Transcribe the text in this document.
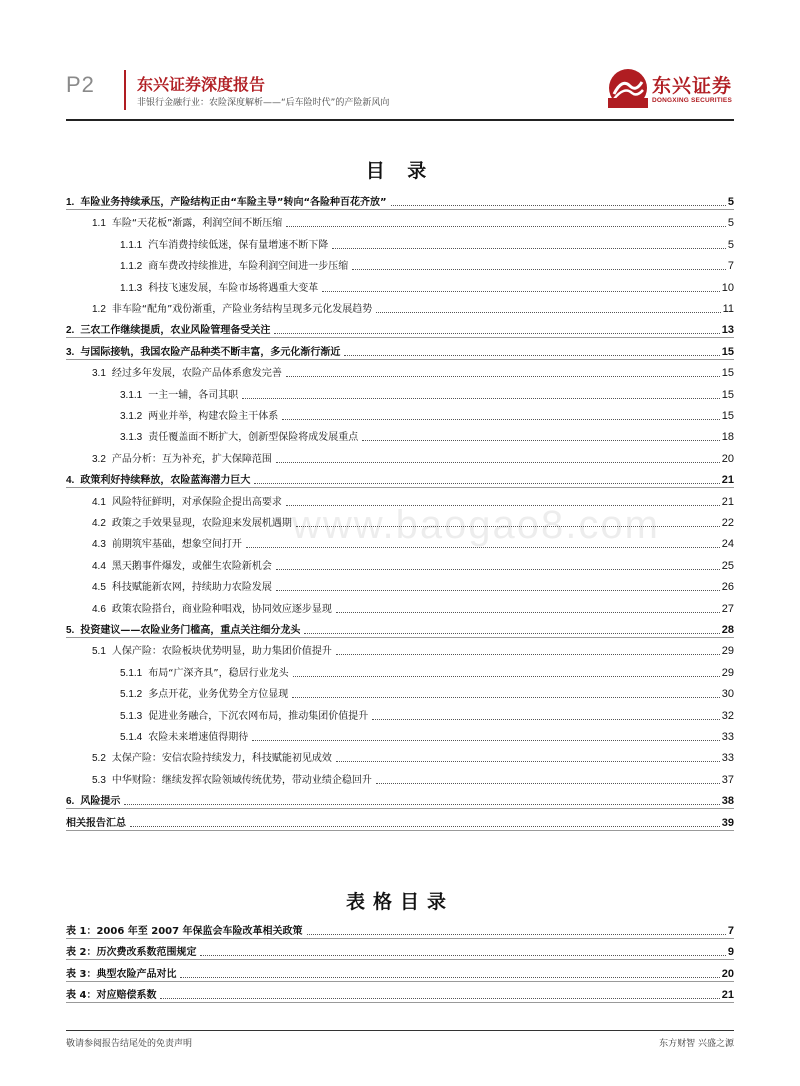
P2	东兴证券深度报告
非银行金融行业：农险深度解析——“后车险时代”的产险新风向
东兴证券
DONGXING SECURITIES
目 录
1. 车险业务持续承压，产险结构正由“车险主导”转向“各险种百花齐放”	5
1.1 车险“天花板”渐露，利润空间不断压缩	5
1.1.1 汽车消费持续低迷，保有量增速不断下降	5
1.1.2 商车费改持续推进，车险利润空间进一步压缩	7
1.1.3 科技飞速发展，车险市场将遇重大变革	10
1.2 非车险“配角”戏份渐重，产险业务结构呈现多元化发展趋势	11
2. 三农工作继续提质，农业风险管理备受关注	13
3. 与国际接轨，我国农险产品种类不断丰富，多元化渐行渐近	15
3.1 经过多年发展，农险产品体系愈发完善	15
3.1.1 一主一辅，各司其职	15
3.1.2 两业并举，构建农险主干体系	15
3.1.3 责任覆盖面不断扩大，创新型保险将成发展重点	18
3.2 产品分析：互为补充，扩大保障范围	20
4. 政策利好持续释放，农险蓝海潜力巨大	21
4.1 风险特征鲜明，对承保险企提出高要求	21
4.2 政策之手效果显现，农险迎来发展机遇期	22
4.3 前期筑牢基础，想象空间打开	24
4.4 黑天鹅事件爆发，或催生农险新机会	25
4.5 科技赋能新农网，持续助力农险发展	26
4.6 政策农险搭台，商业险种唱戏，协同效应逐步显现	27
5. 投资建议——农险业务门槛高，重点关注细分龙头	28
5.1 人保产险：农险板块优势明显，助力集团价值提升	29
5.1.1 布局“广深齐具”，稳居行业龙头	29
5.1.2 多点开花，业务优势全方位显现	30
5.1.3 促进业务融合，下沉农网布局，推动集团价值提升	32
5.1.4 农险未来增速值得期待	33
5.2 太保产险：安信农险持续发力，科技赋能初见成效	33
5.3 中华财险：继续发挥农险领域传统优势，带动业绩企稳回升	37
6. 风险提示	38
相关报告汇总	39
www.baogao8.com
表格目录
表 1：2006 年至 2007 年保监会车险改革相关政策	7
表 2：历次费改系数范围规定	9
表 3：典型农险产品对比	20
表 4：对应赔偿系数	21
敬请参阅报告结尾处的免责声明	东方财智 兴盛之源
